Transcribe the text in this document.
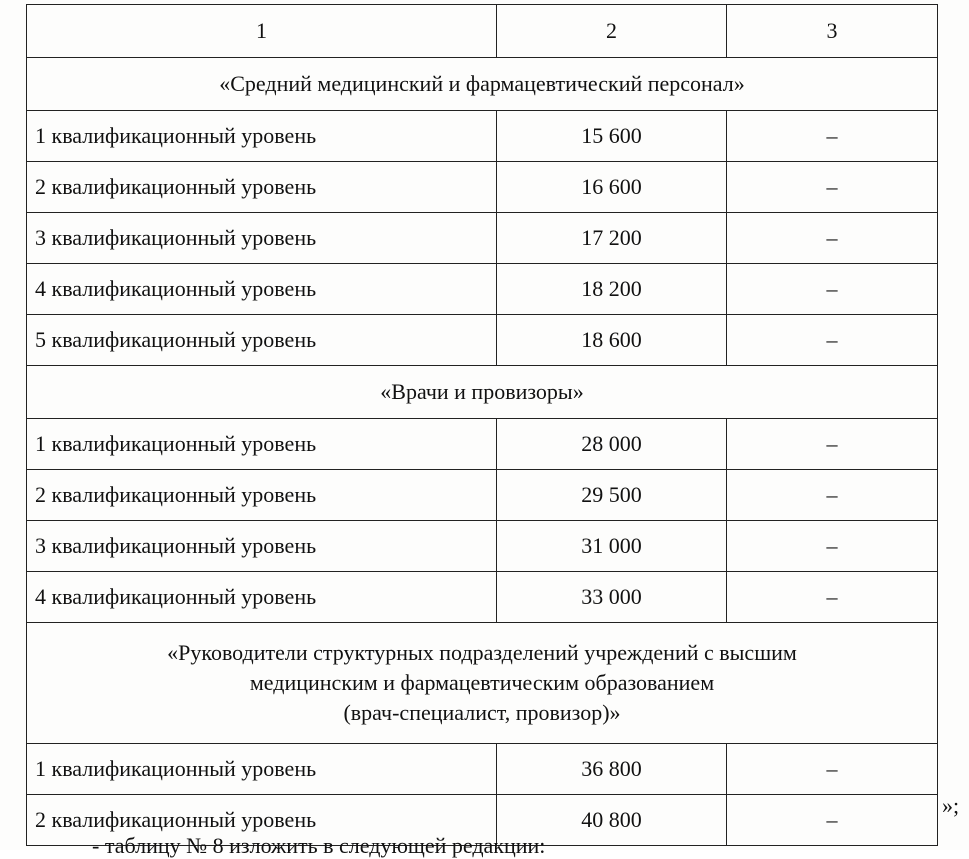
1	2	3
«Средний медицинский и фармацевтический персонал»		
1 квалификационный уровень	15 600	–
2 квалификационный уровень	16 600	–
3 квалификационный уровень	17 200	–
4 квалификационный уровень	18 200	–
5 квалификационный уровень	18 600	–
«Врачи и провизоры»		
1 квалификационный уровень	28 000	–
2 квалификационный уровень	29 500	–
3 квалификационный уровень	31 000	–
4 квалификационный уровень	33 000	–

«Руководители структурных подразделений учреждений с высшим
медицинским и фармацевтическим образованием
(врач-специалист, провизор)»		

1 квалификационный уровень	36 800	–
2 квалификационный уровень	40 800	–
»;
- таблицу № 8 изложить в следующей редакции:
